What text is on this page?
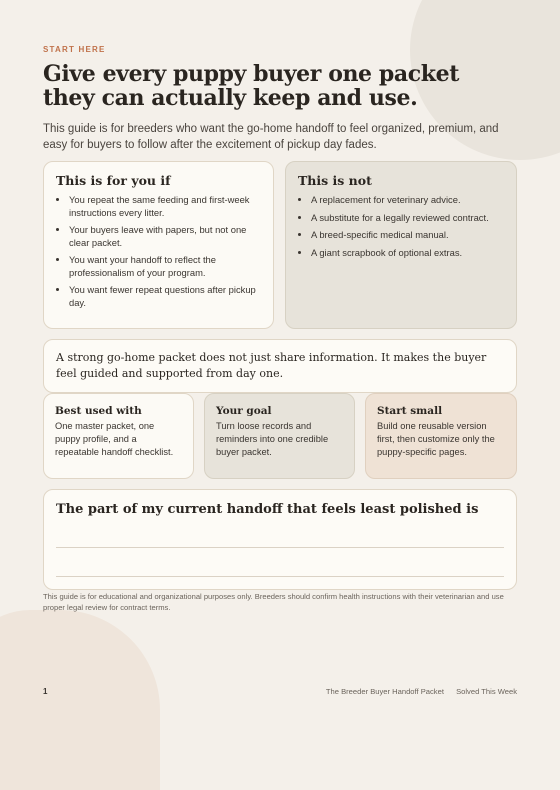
START HERE
Give every puppy buyer one packet they can actually keep and use.

This guide is for breeders who want the go-home handoff to feel organized, premium, and easy for buyers to follow after the excitement of pickup day fades.

This is for you if
• You repeat the same feeding and first-week instructions every litter.
• Your buyers leave with papers, but not one clear packet.
• You want your handoff to reflect the professionalism of your program.
• You want fewer repeat questions after pickup day.
This is not
• A replacement for veterinary advice.
• A substitute for a legally reviewed contract.
• A breed-specific medical manual.
• A giant scrapbook of optional extras.
A strong go-home packet does not just share information. It makes the buyer feel guided and supported from day one.
Best used with

One master packet, one puppy profile, and a repeatable handoff checklist.

Your goal

Turn loose records and reminders into one credible buyer packet.

Start small

Build one reusable version first, then customize only the puppy-specific pages.

The part of my current handoff that feels least polished is

This guide is for educational and organizational purposes only. Breeders should confirm health instructions with their veterinarian and use proper legal review for contract terms.

1	The Breeder Buyer Handoff Packet Solved This Week
